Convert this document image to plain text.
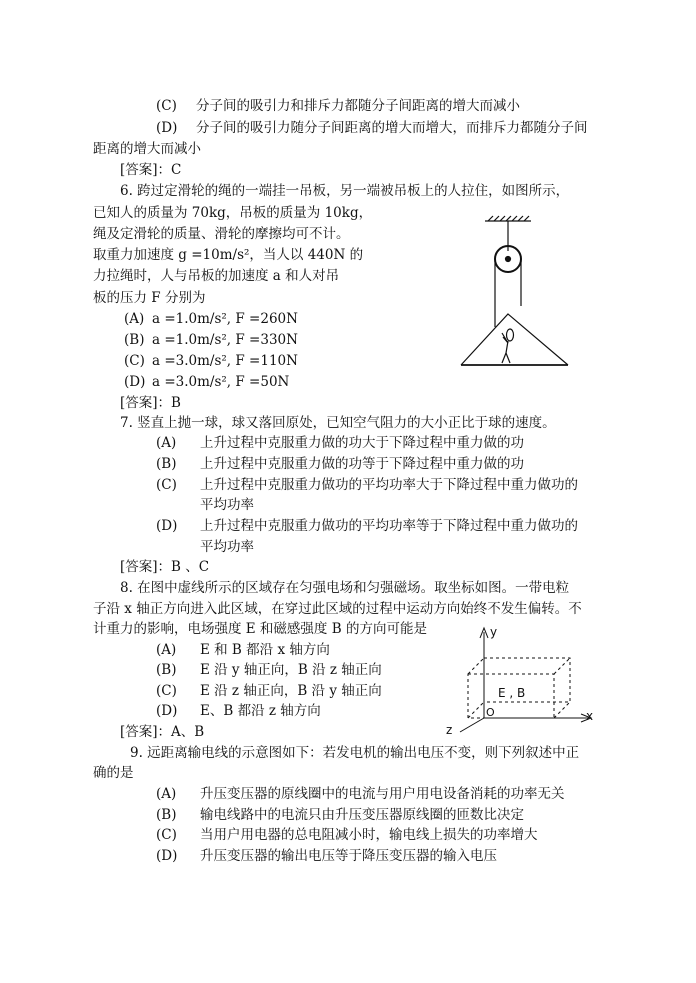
(C) 分子间的吸引力和排斥力都随分子间距离的增大而减小
(D) 分子间的吸引力随分子间距离的增大而增大，而排斥力都随分子间
距离的增大而减小
[答案]：C
6. 跨过定滑轮的绳的一端挂一吊板，另一端被吊板上的人拉住，如图所示，
已知人的质量为 70kg，吊板的质量为 10kg，
绳及定滑轮的质量、滑轮的摩擦均可不计。
取重力加速度 g =10m/s²，当人以 440N 的
力拉绳时，人与吊板的加速度 a 和人对吊
板的压力 F 分别为
(A) a =1.0m/s², F =260N
(B) a =1.0m/s², F =330N
(C) a =3.0m/s², F =110N
(D) a =3.0m/s², F =50N
[答案]：B
7. 竖直上抛一球，球又落回原处，已知空气阻力的大小正比于球的速度。
(A) 上升过程中克服重力做的功大于下降过程中重力做的功
(B) 上升过程中克服重力做的功等于下降过程中重力做的功
(C) 上升过程中克服重力做功的平均功率大于下降过程中重力做功的
平均功率
(D) 上升过程中克服重力做功的平均功率等于下降过程中重力做功的
平均功率
[答案]：B 、C
8. 在图中虚线所示的区域存在匀强电场和匀强磁场。取坐标如图。一带电粒
子沿 x 轴正方向进入此区域，在穿过此区域的过程中运动方向始终不发生偏转。不
计重力的影响，电场强度 E 和磁感强度 B 的方向可能是
(A) E 和 B 都沿 x 轴方向
(B) E 沿 y 轴正向，B 沿 z 轴正向
(C) E 沿 z 轴正向，B 沿 y 轴正向
(D) E、B 都沿 z 轴方向
[答案]：A、B
y
x
z
O
E , B
9. 远距离输电线的示意图如下：若发电机的输出电压不变，则下列叙述中正
确的是
(A) 升压变压器的原线圈中的电流与用户用电设备消耗的功率无关
(B) 输电线路中的电流只由升压变压器原线圈的匝数比决定
(C) 当用户用电器的总电阻减小时，输电线上损失的功率增大
(D) 升压变压器的输出电压等于降压变压器的输入电压
